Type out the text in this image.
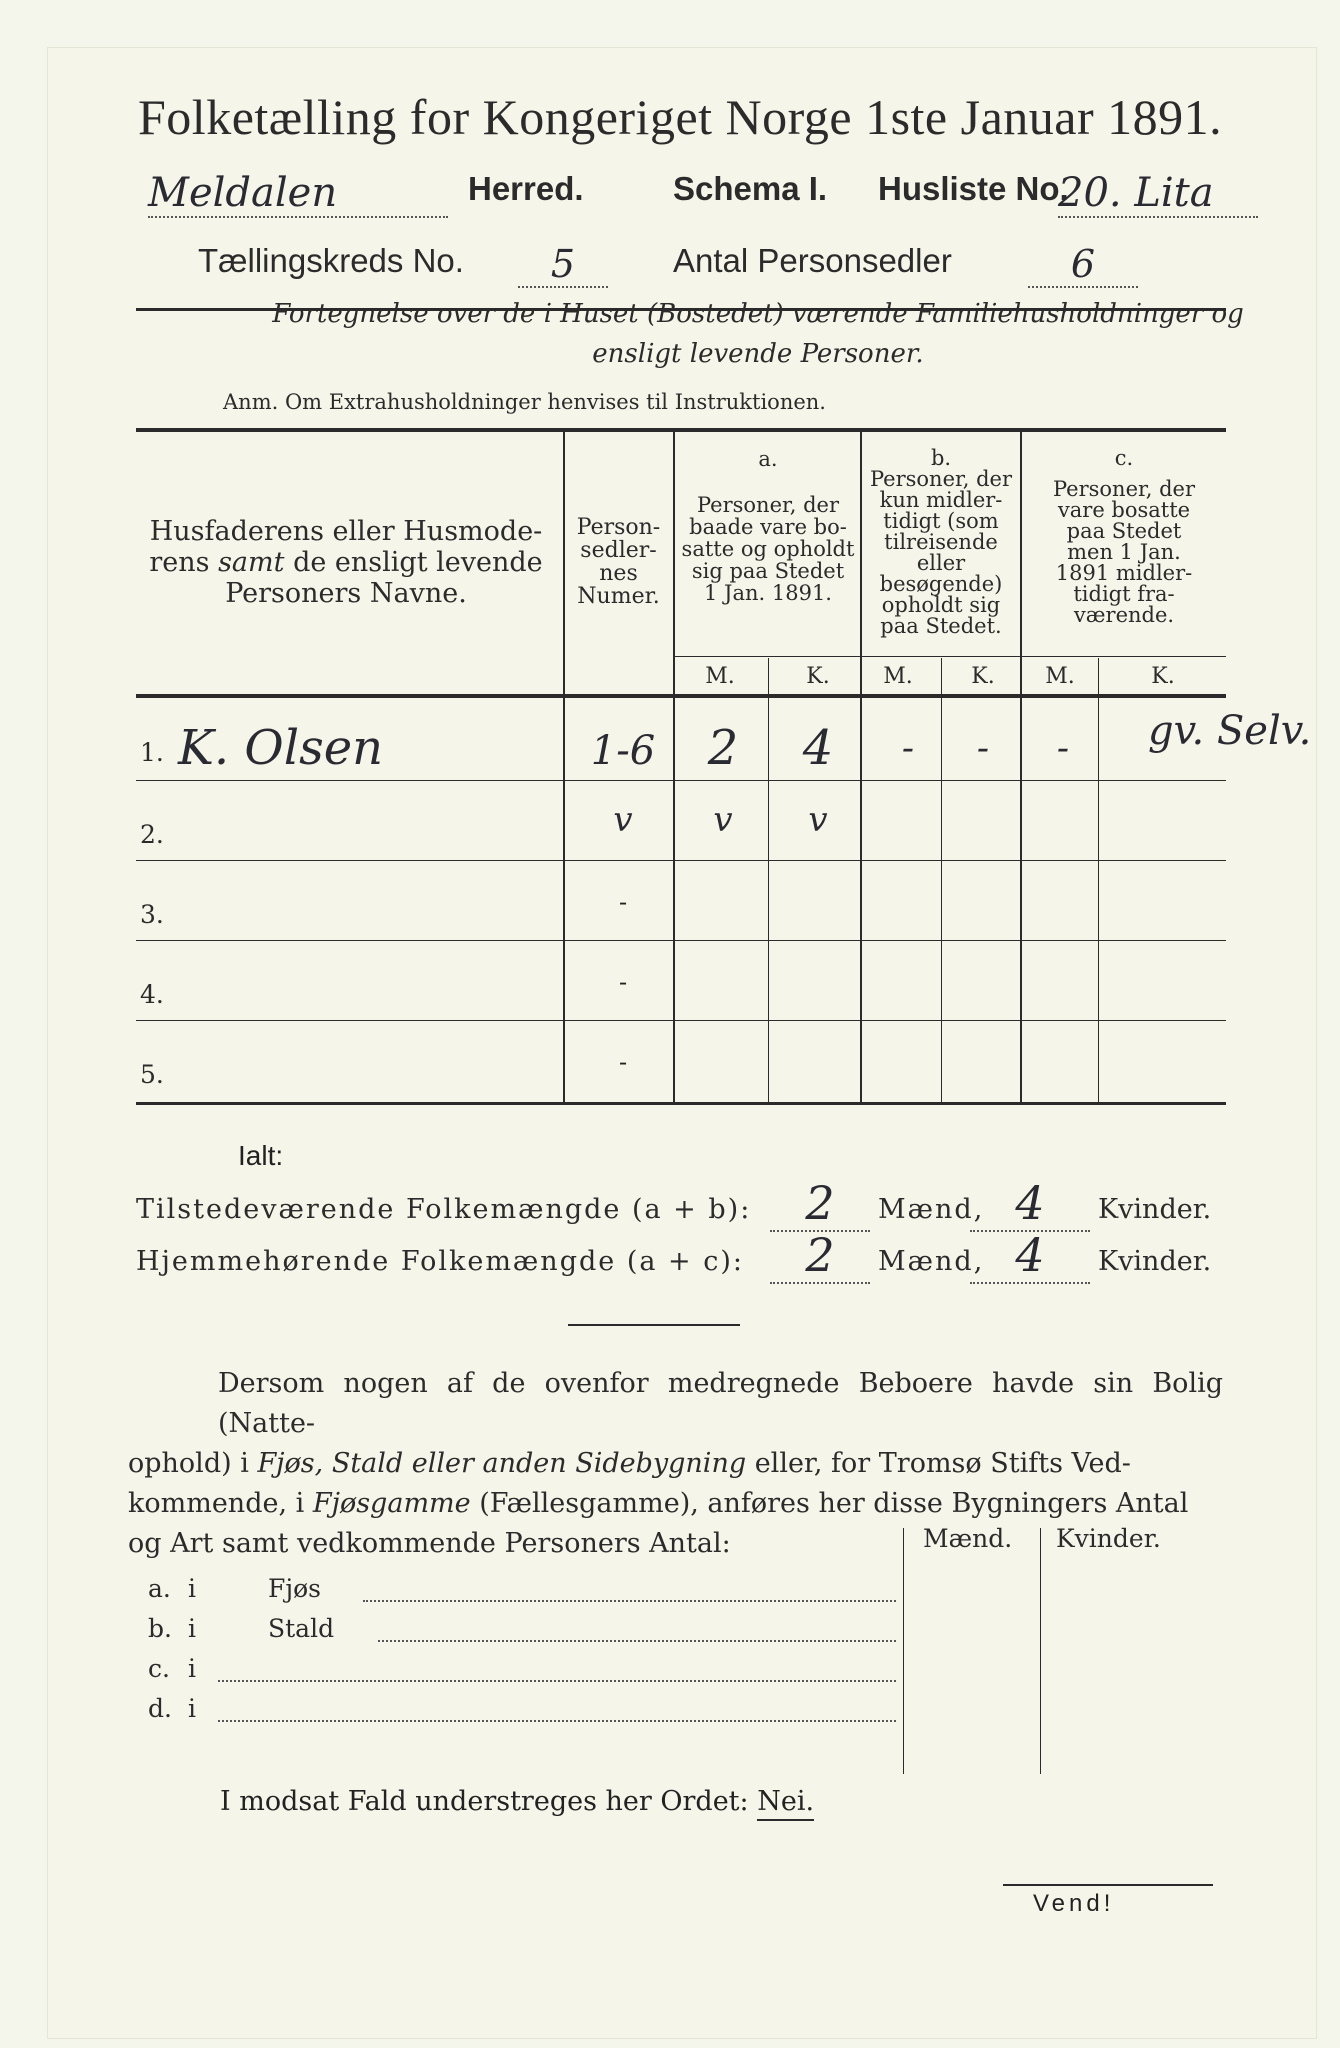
Folketælling for Kongeriget Norge 1ste Januar 1891.
Meldalen	Herred.	Schema I. Husliste No.
20. Lita
Tællingskreds No.	5	Antal Personsedler	6
Fortegnelse over de i Huset (Bostedet) værende Familiehusholdninger og ensligt levende Personer.
Anm. Om Extrahusholdninger henvises til Instruktionen.
Husfaderens eller Husmode-
rens samt de ensligt levende
Personers Navne.
Person-
sedler-
nes
Numer.
a.
Personer, der
baade vare bo-
satte og opholdt
sig paa Stedet
1 Jan. 1891.
b.
Personer, der
kun midler-
tidigt (som
tilreisende
eller
besøgende)
opholdt sig
paa Stedet.
c.
Personer, der
vare bosatte
paa Stedet
men 1 Jan.
1891 midler-
tidigt fra-
værende.
M.	K.	M.	K.	M.	K.
1. K. Olsen	1-6	2	4	-	-	-	gv. Selv.
2.	v	v	v
3.	-
4.	-
5.	-
Ialt:
Tilstedeværende Folkemængde (a + b):	2	Mænd, 4	Kvinder.
Hjemmehørende Folkemængde (a + c):	2	Mænd, 4	Kvinder.
Dersom nogen af de ovenfor medregnede Beboere havde sin Bolig (Natte-
ophold) i Fjøs, Stald eller anden Sidebygning eller, for Tromsø Stifts Ved-
kommende, i Fjøsgamme (Fællesgamme), anføres her disse Bygningers Antal
og Art samt vedkommende Personers Antal:	Mænd. Kvinder.
a. i	Fjøs
b. i	Stald
c. i
d. i
I modsat Fald understreges her Ordet: Nei.
Vend!
